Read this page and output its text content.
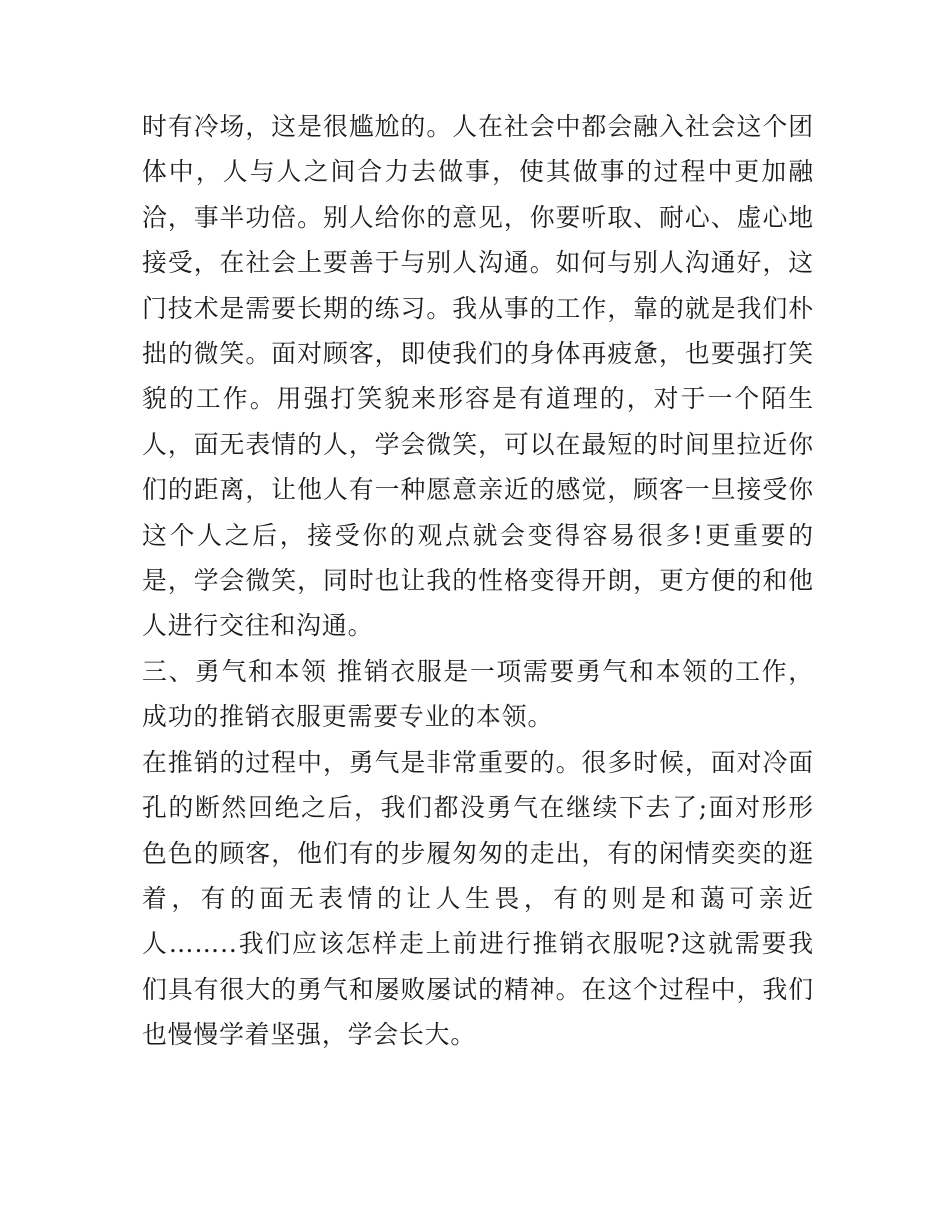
时有冷场，这是很尴尬的。人在社会中都会融入社会这个团体中，人与人之间合力去做事，使其做事的过程中更加融洽，事半功倍。别人给你的意见，你要听取、耐心、虚心地接受，在社会上要善于与别人沟通。如何与别人沟通好，这门技术是需要长期的练习。我从事的工作，靠的就是我们朴拙的微笑。面对顾客，即使我们的身体再疲惫，也要强打笑貌的工作。用强打笑貌来形容是有道理的，对于一个陌生人，面无表情的人，学会微笑，可以在最短的时间里拉近你们的距离，让他人有一种愿意亲近的感觉，顾客一旦接受你这个人之后，接受你的观点就会变得容易很多!更重要的是，学会微笑，同时也让我的性格变得开朗，更方便的和他人进行交往和沟通。

三、勇气和本领 推销衣服是一项需要勇气和本领的工作，成功的推销衣服更需要专业的本领。

在推销的过程中，勇气是非常重要的。很多时候，面对冷面孔的断然回绝之后，我们都没勇气在继续下去了;面对形形色色的顾客，他们有的步履匆匆的走出，有的闲情奕奕的逛着，有的面无表情的让人生畏，有的则是和蔼可亲近人……..我们应该怎样走上前进行推销衣服呢?这就需要我们具有很大的勇气和屡败屡试的精神。在这个过程中，我们也慢慢学着坚强，学会长大。
